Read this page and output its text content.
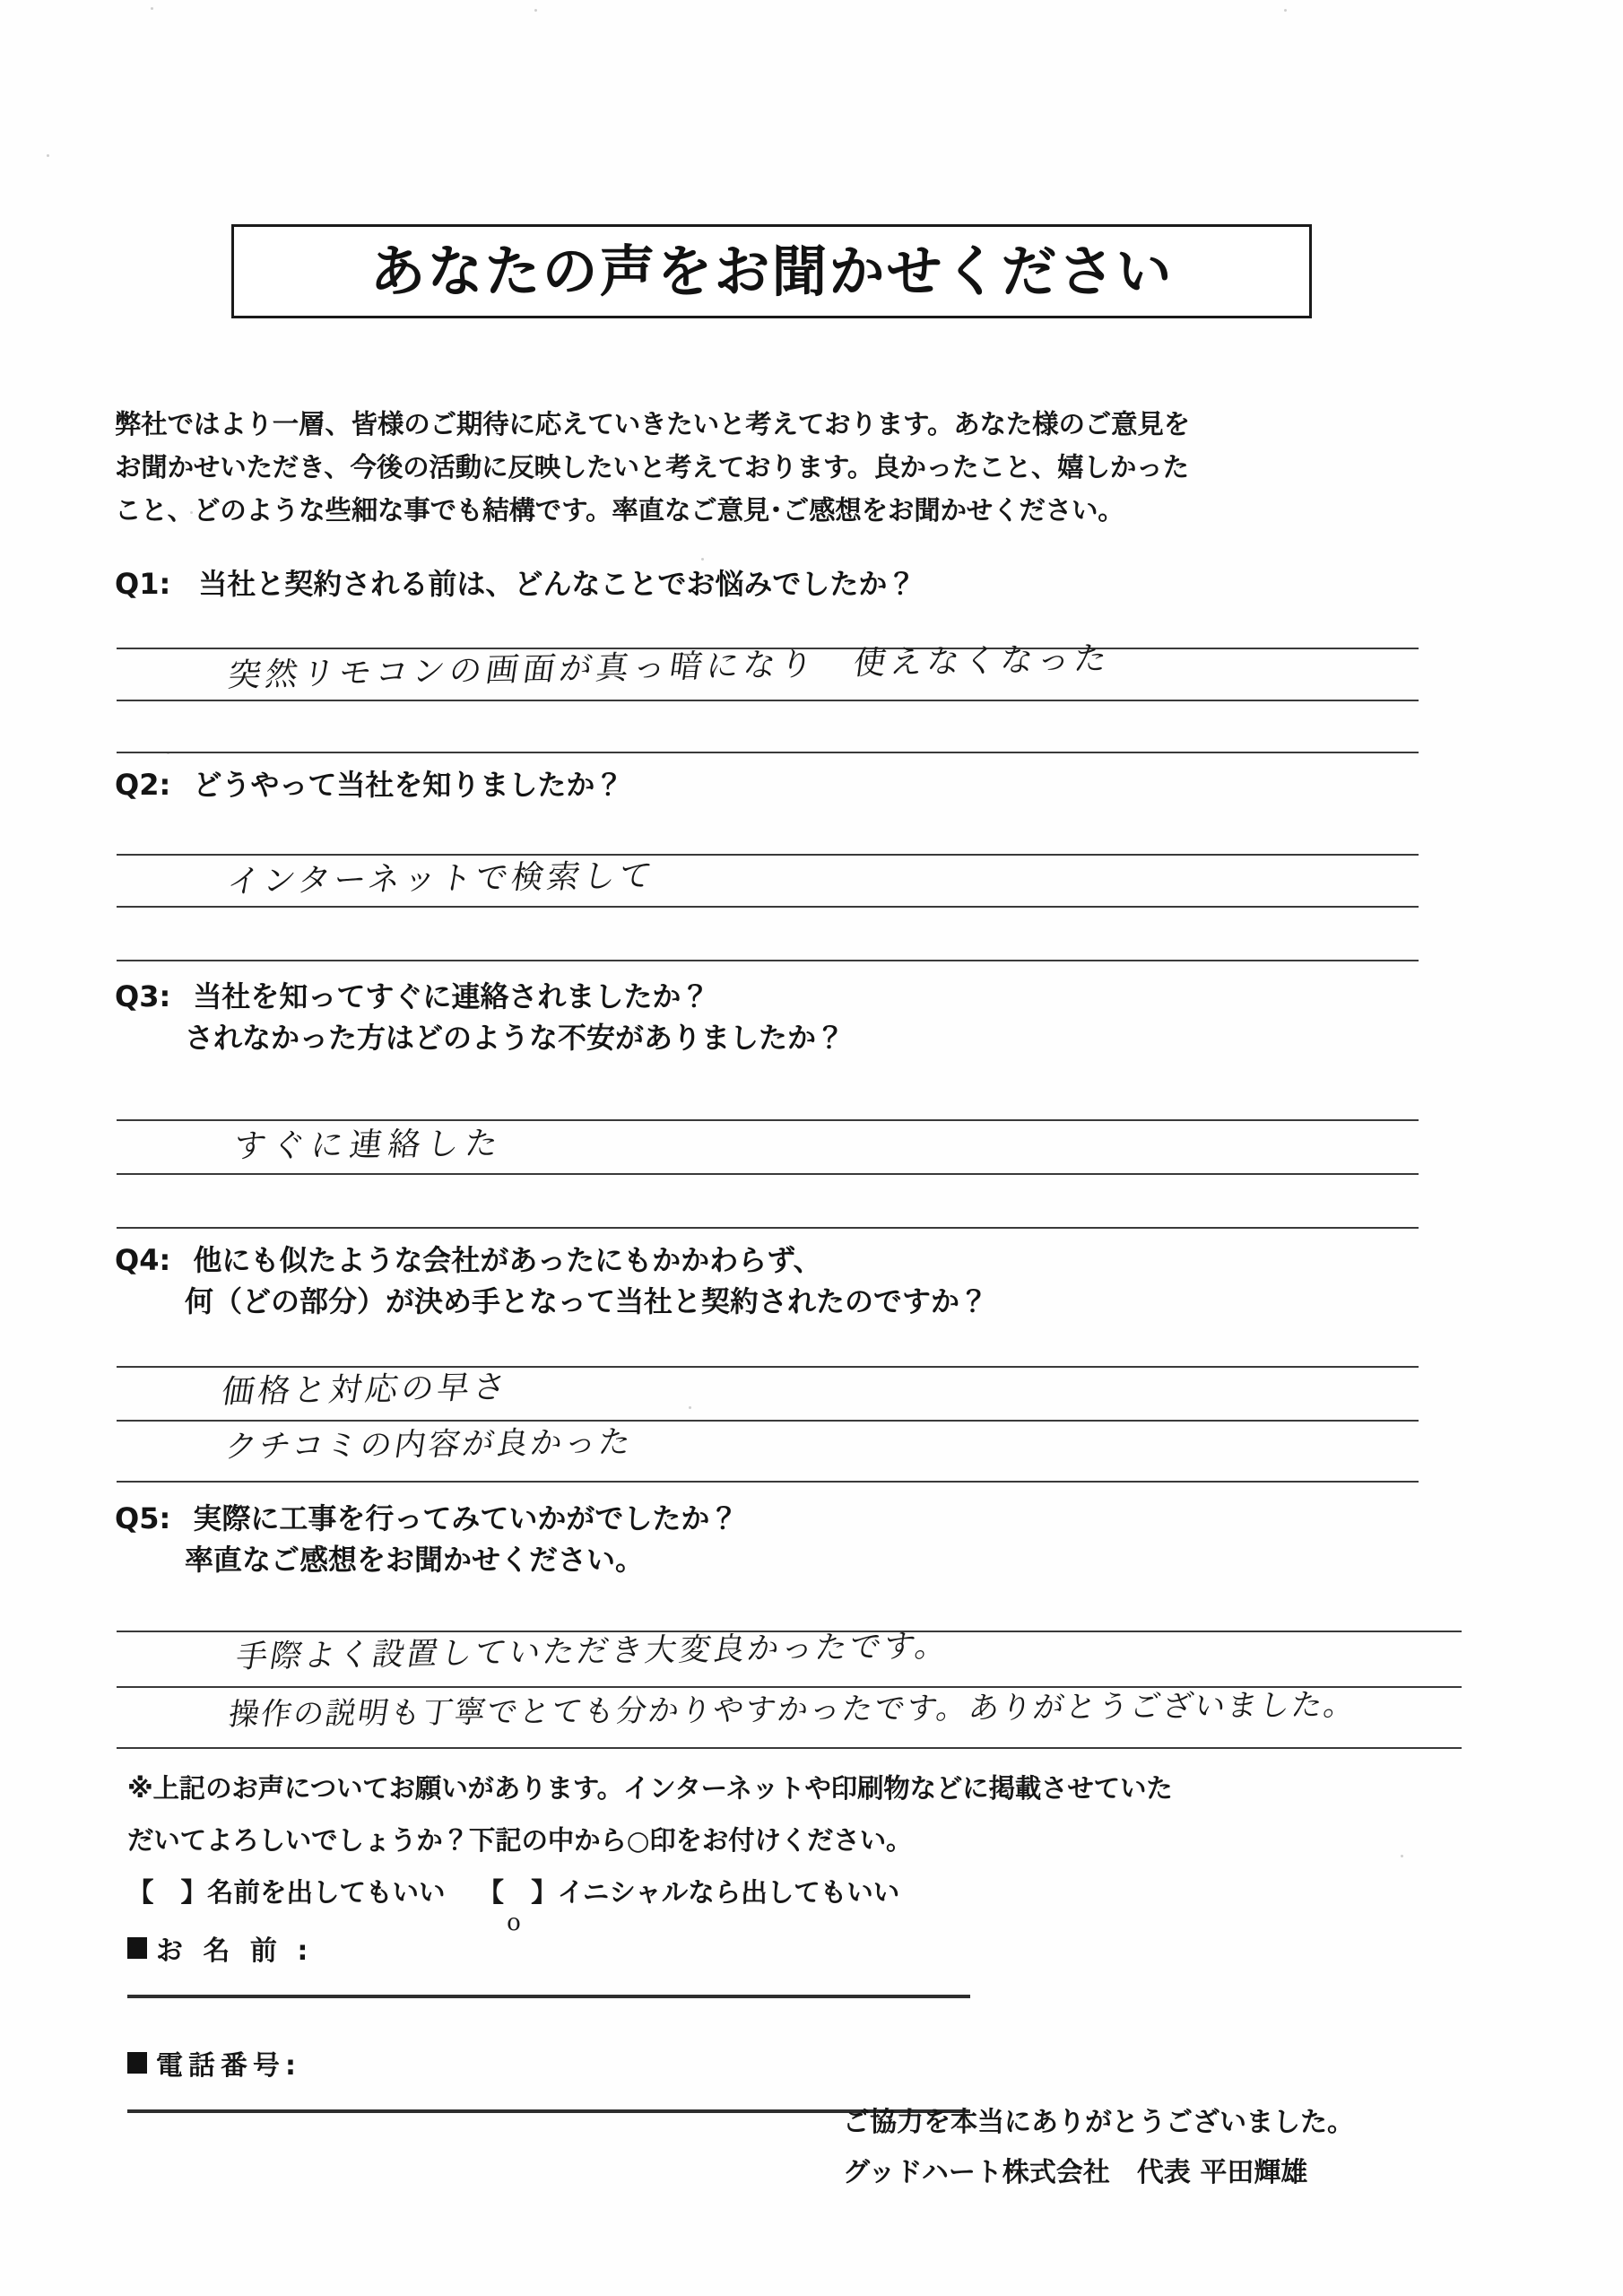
あなたの声をお聞かせください

弊社ではより一層、皆様のご期待に応えていきたいと考えております。あなた様のご意見を

お聞かせいただき、今後の活動に反映したいと考えております。良かったこと、嬉しかった

こと、どのような些細な事でも結構です。率直なご意見･ご感想をお聞かせください。

Q1: 当社と契約される前は、どんなことでお悩みでしたか？

突然リモコンの画面が真っ暗になり　使えなくなった

Q2: どうやって当社を知りましたか？

インターネットで検索して

Q3: 当社を知ってすぐに連絡されましたか？

されなかった方はどのような不安がありましたか？

すぐに連絡した

Q4: 他にも似たような会社があったにもかかわらず、

何（どの部分）が決め手となって当社と契約されたのですか？

価格と対応の早さ
クチコミの内容が良かった

Q5: 実際に工事を行ってみていかがでしたか？

率直なご感想をお聞かせください。

手際よく設置していただき大変良かったです。
操作の説明も丁寧でとても分かりやすかったです。ありがとうございました。

※上記のお声についてお願いがあります。インターネットや印刷物などに掲載させていた

だいてよろしいでしょうか？下記の中から○印をお付けください。

【 】名前を出してもいい 【
o
】イニシャルなら出してもいい
お 名 前 :
電話番号:

ご協力を本当にありがとうございました。

グッドハート株式会社　代表 平田輝雄
